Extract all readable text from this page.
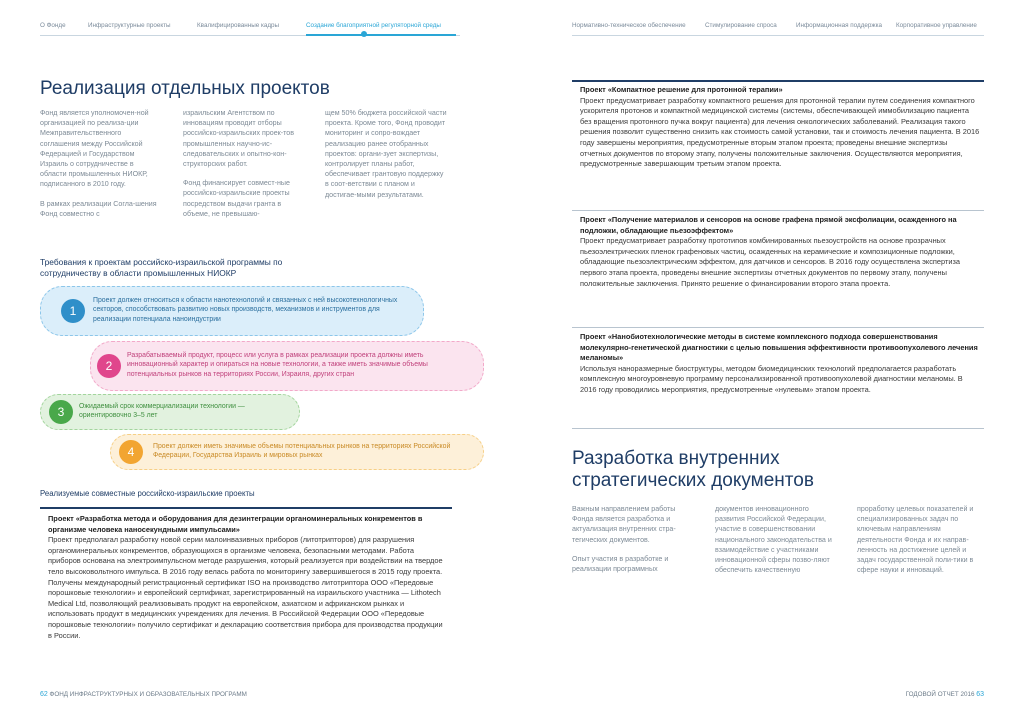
О Фонде	Инфраструктурные проекты	Квалифицированные кадры	Создание благоприятной регуляторной среды	Нормативно-техническое обеспечение	Стимулирование спроса	Информационная поддержка Корпоративное управление
Реализация отдельных проектов

Фонд является уполномочен-ной организацией по реализа-ции Межправительственного соглашения между Российской Федерацией и Государством Израиль о сотрудничестве в области промышленных НИОКР, подписанного в 2010 году.

В рамках реализации Согла-шения Фонд совместно с

израильским Агентством по инновациям проводит отборы российско-израильских проек-тов промышленных научно-ис-следовательских и опытно-кон-структорских работ.

Фонд финансирует совмест-ные российско-израильские проекты посредством выдачи гранта в объеме, не превышаю-

щем 50% бюджета российской части проекта. Кроме того, Фонд проводит мониторинг и сопро-вождает реализацию ранее отобранных проектов: органи-зует экспертизы, контролирует планы работ, обеспечивает грантовую поддержку в соот-ветствии с планом и достигае-мыми результатами.

Требования к проектам российско-израильской программы по сотрудничеству в области промышленных НИОКР
1
Проект должен относиться к области нанотехнологий и связанных с ней высокотехнологичных секторов, способствовать развитию новых производств, механизмов и инструментов для реализации потенциала наноиндустрии
2
Разрабатываемый продукт, процесс или услуга в рамках реализации проекта должны иметь инновационный характер и опираться на новые технологии, а также иметь значимые объемы потенциальных рынков на территориях России, Израиля, других стран
3	Ожидаемый срок коммерциализации технологии — ориентировочно 3–5 лет
4	Проект должен иметь значимые объемы потенциальных рынков на территориях Российской Федерации, Государства Израиль и мировых рынках
Реализуемые совместные российско-израильские проекты
Проект «Разработка метода и оборудования для дезинтеграции органоминеральных конкрементов в организме человека наносекундными импульсами»
Проект предполагал разработку новой серии малоинвазивных приборов (литотрипторов) для разрушения органоминеральных конкрементов, образующихся в организме человека, безопасными методами. Работа приборов основана на электроимпульсном методе разрушения, который реализуется при воздействии на твердое тело высоковольтного импульса. В 2016 году велась работа по мониторингу завершившегося в 2015 году проекта. Получены международный регистрационный сертификат ISO на производство литотриптора ООО «Передовые порошковые технологии» и европейский сертификат, зарегистрированный на израильского участника — Lithotech Medical Ltd, позволяющий реализовывать продукт на европейском, азиатском и африканском рынках и использовать продукт в медицинских учреждениях для лечения. В Российской Федерации ООО «Передовые порошковые технологии» получило сертификат и декларацию соответствия прибора для производства продукции в России.
Проект «Компактное решение для протонной терапии»
Проект предусматривает разработку компактного решения для протонной терапии путем соединения компактного ускорителя протонов и компактной медицинской системы (системы, обеспечивающей иммобилизацию пациента без вращения протонного пучка вокруг пациента) для лечения онкологических заболеваний. Реализация такого решения позволит существенно снизить как стоимость самой установки, так и стоимость лечения пациента. В 2016 году завершены мероприятия, предусмотренные вторым этапом проекта; проведены внешние экспертизы отчетных документов по второму этапу, получены положительные заключения. Осуществляются мероприятия, предусмотренные завершающим третьим этапом проекта.
Проект «Получение материалов и сенсоров на основе графена прямой эксфолиации, осажденного на подложки, обладающие пьезоэффектом»
Проект предусматривает разработку прототипов комбинированных пьезоустройств на основе прозрачных пьезоэлектрических пленок графеновых частиц, осажденных на керамические и композиционные подложки, обладающие пьезоэлектрическим эффектом, для датчиков и сенсоров. В 2016 году осуществлена экспертиза первого этапа проекта, проведены внешние экспертизы отчетных документов по первому этапу, получены положительные заключения. Принято решение о финансировании второго этапа проекта.
Проект «Нанобиотехнологические методы в системе комплексного подхода совершенствования молекулярно-генетической диагностики с целью повышения эффективности противоопухолевого лечения меланомы»
Используя наноразмерные биоструктуры, методом биомедицинских технологий предполагается разработать комплексную многоуровневую программу персонализированной противоопухолевой диагностики меланомы. В 2016 году проводились мероприятия, предусмотренные «нулевым» этапом проекта.
Разработка внутренних стратегических документов

Важным направлением работы Фонда является разработка и актуализация внутренних стра-тегических документов.

Опыт участия в разработке и реализации программных

документов инновационного развития Российской Федерации, участие в совершенствовании национального законодательства и взаимодействие с участниками инновационной сферы позво-ляют обеспечить качественную

проработку целевых показателей и специализированных задач по ключевым направлениям деятельности Фонда и их направ-ленность на достижение целей и задач государственной поли-тики в сфере науки и инноваций.

62 ФОНД ИНФРАСТРУКТУРНЫХ И ОБРАЗОВАТЕЛЬНЫХ ПРОГРАММ	ГОДОВОЙ ОТЧЕТ 2016 63
